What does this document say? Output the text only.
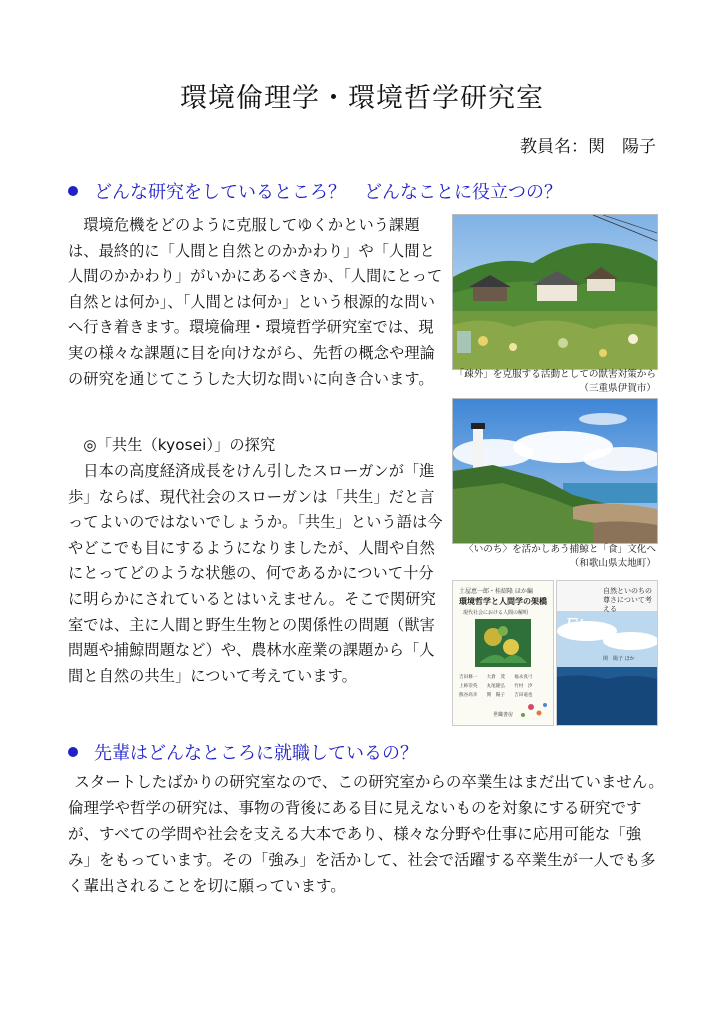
環境倫理学・環境哲学研究室
教員名：関　陽子
どんな研究をしているところ？　どんなことに役立つの？

　環境危機をどのように克服してゆくかという課題は、最終的に「人間と自然とのかかわり」や「人間と人間のかかわり」がいかにあるべきか、「人間にとって自然とは何か」、「人間とは何か」という根源的な問いへ行き着きます。環境倫理・環境哲学研究室では、現実の様々な課題に目を向けながら、先哲の概念や理論の研究を通じてこうした大切な問いに向き合います。

　◎「共生（kyosei）」の探究

　日本の高度経済成長をけん引したスローガンが「進歩」ならば、現代社会のスローガンは「共生」だと言ってよいのではないでしょうか。「共生」という語は今やどこでも目にするようになりましたが、人間や自然にとってどのような状態の、何であるかについて十分に明らかにされているとはいえません。そこで関研究室では、主に人間と野生生物との関係性の問題（獣害問題や捕鯨問題など）や、農林水産業の課題から「人間と自然の共生」について考えています。

「疎外」を克服する活動としての獣害対策から
（三重県伊賀市）
〈いのち〉を活かしあう捕鯨と「食」文化へ
（和歌山県太地町）
土屋恵一郎・桂紹隆 ほか編
環境哲学と人間学の架橋
現代社会における人間の解明
吉田修一　　大倉　茂　　福永真弓
上柿崇英　　丸尾隆弘　　竹村　汐
熊谷高幸　　関　陽子　　吉田竜也
世織書房
自然といのちの尊さについて考える
Et
関　陽子 ほか
先輩はどんなところに就職しているの？

スタートしたばかりの研究室なので、この研究室からの卒業生はまだ出ていません。倫理学や哲学の研究は、事物の背後にある目に見えないものを対象にする研究ですが、すべての学問や社会を支える大本であり、様々な分野や仕事に応用可能な「強み」をもっています。その「強み」を活かして、社会で活躍する卒業生が一人でも多く輩出されることを切に願っています。
